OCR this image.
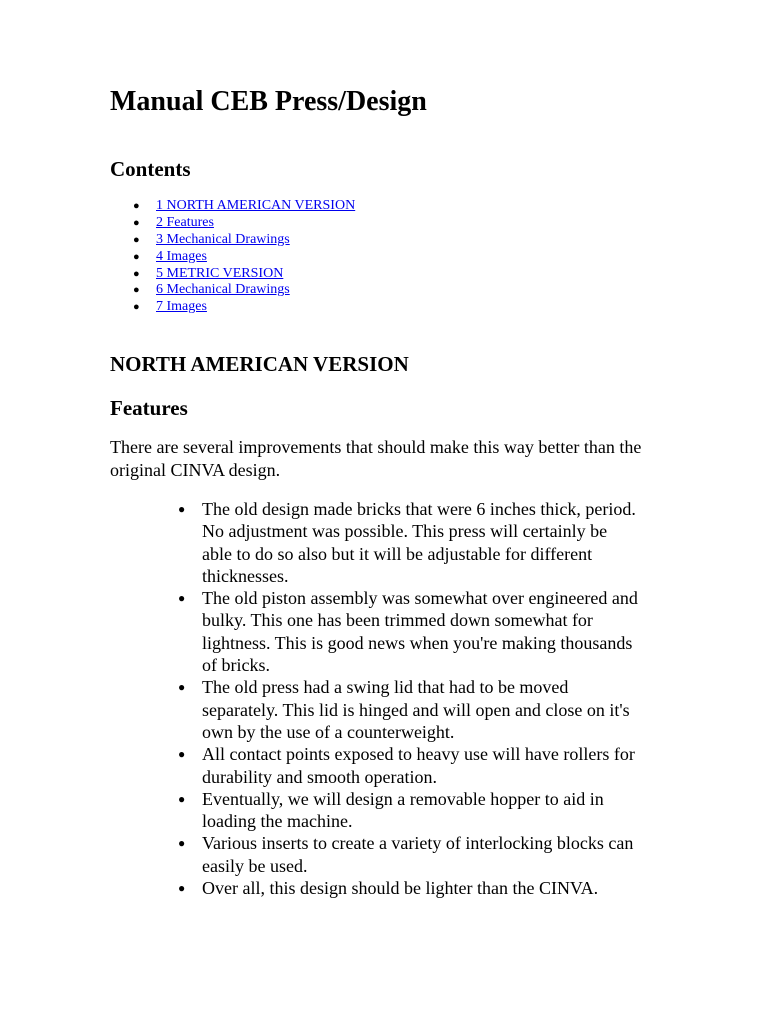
Manual CEB Press/Design
Contents
● 1 NORTH AMERICAN VERSION
● 2 Features
● 3 Mechanical Drawings
● 4 Images
● 5 METRIC VERSION
● 6 Mechanical Drawings
● 7 Images
NORTH AMERICAN VERSION
Features

There are several improvements that should make this way better than the original CINVA design.

● The old design made bricks that were 6 inches thick, period. No adjustment was possible. This press will certainly be able to do so also but it will be adjustable for different thicknesses.
● The old piston assembly was somewhat over engineered and bulky. This one has been trimmed down somewhat for lightness. This is good news when you're making thousands of bricks.
● The old press had a swing lid that had to be moved separately. This lid is hinged and will open and close on it's own by the use of a counterweight.
● All contact points exposed to heavy use will have rollers for durability and smooth operation.
● Eventually, we will design a removable hopper to aid in loading the machine.
● Various inserts to create a variety of interlocking blocks can easily be used.
● Over all, this design should be lighter than the CINVA.
